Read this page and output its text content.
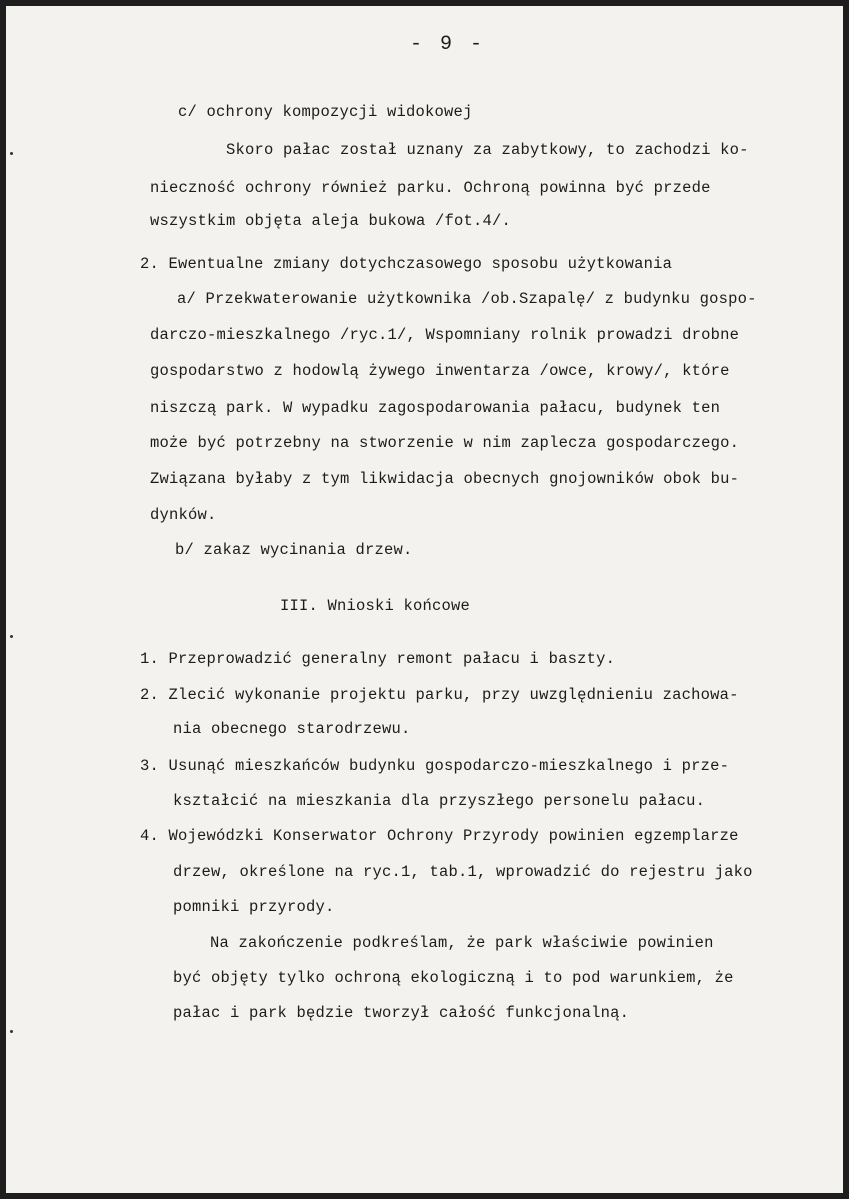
- 9 -
c/ ochrony kompozycji widokowej
Skoro pałac został uznany za zabytkowy, to zachodzi ko-
nieczność ochrony również parku. Ochroną powinna być przede
wszystkim objęta aleja bukowa /fot.4/.
2. Ewentualne zmiany dotychczasowego sposobu użytkowania
a/ Przekwaterowanie użytkownika /ob.Szapalę/ z budynku gospo-
darczo-mieszkalnego /ryc.1/, Wspomniany rolnik prowadzi drobne
gospodarstwo z hodowlą żywego inwentarza /owce, krowy/, które
niszczą park. W wypadku zagospodarowania pałacu, budynek ten
może być potrzebny na stworzenie w nim zaplecza gospodarczego.
Związana byłaby z tym likwidacja obecnych gnojowników obok bu-
dynków.
b/ zakaz wycinania drzew.
III. Wnioski końcowe
1. Przeprowadzić generalny remont pałacu i baszty.
2. Zlecić wykonanie projektu parku, przy uwzględnieniu zachowa-
nia obecnego starodrzewu.
3. Usunąć mieszkańców budynku gospodarczo-mieszkalnego i prze-
kształcić na mieszkania dla przyszłego personelu pałacu.
4. Wojewódzki Konserwator Ochrony Przyrody powinien egzemplarze
drzew, określone na ryc.1, tab.1, wprowadzić do rejestru jako
pomniki przyrody.
Na zakończenie podkreślam, że park właściwie powinien
być objęty tylko ochroną ekologiczną i to pod warunkiem, że
pałac i park będzie tworzył całość funkcjonalną.
